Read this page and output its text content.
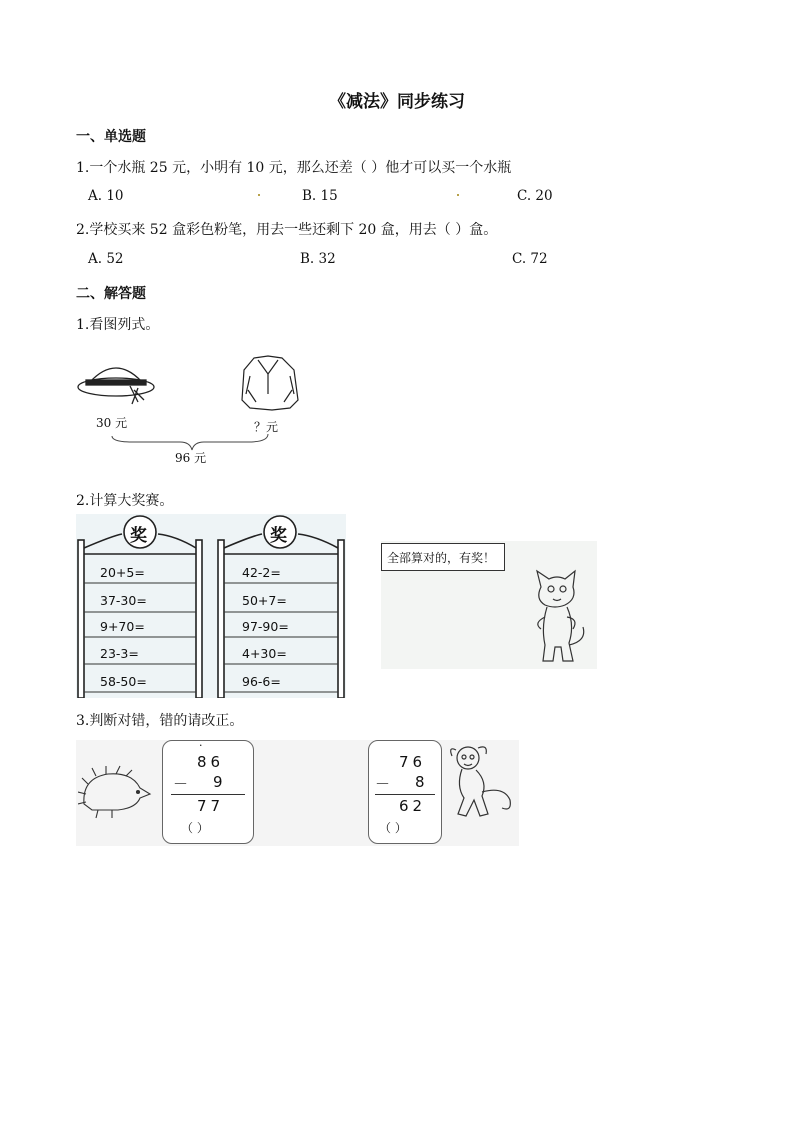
《减法》同步练习
一、单选题
1.一个水瓶 25 元，小明有 10 元，那么还差（ ）他才可以买一个水瓶
A. 10	B. 15	C. 20
2.学校买来 52 盒彩色粉笔，用去一些还剩下 20 盒，用去（ ）盒。
A. 52	B. 32	C. 72
二、解答题
1.看图列式。
30 元	？元
96 元
2.计算大奖赛。
奖	奖
20+5=
37-30=
9+70=
23-3=
58-50=
42-2=
50+7=
97-90=
4+30=
96-6=
全部算对的，有奖！
3.判断对错，错的请改正。
·
86
－ 9
77
（ ）
76
－ 8
62
（ ）
